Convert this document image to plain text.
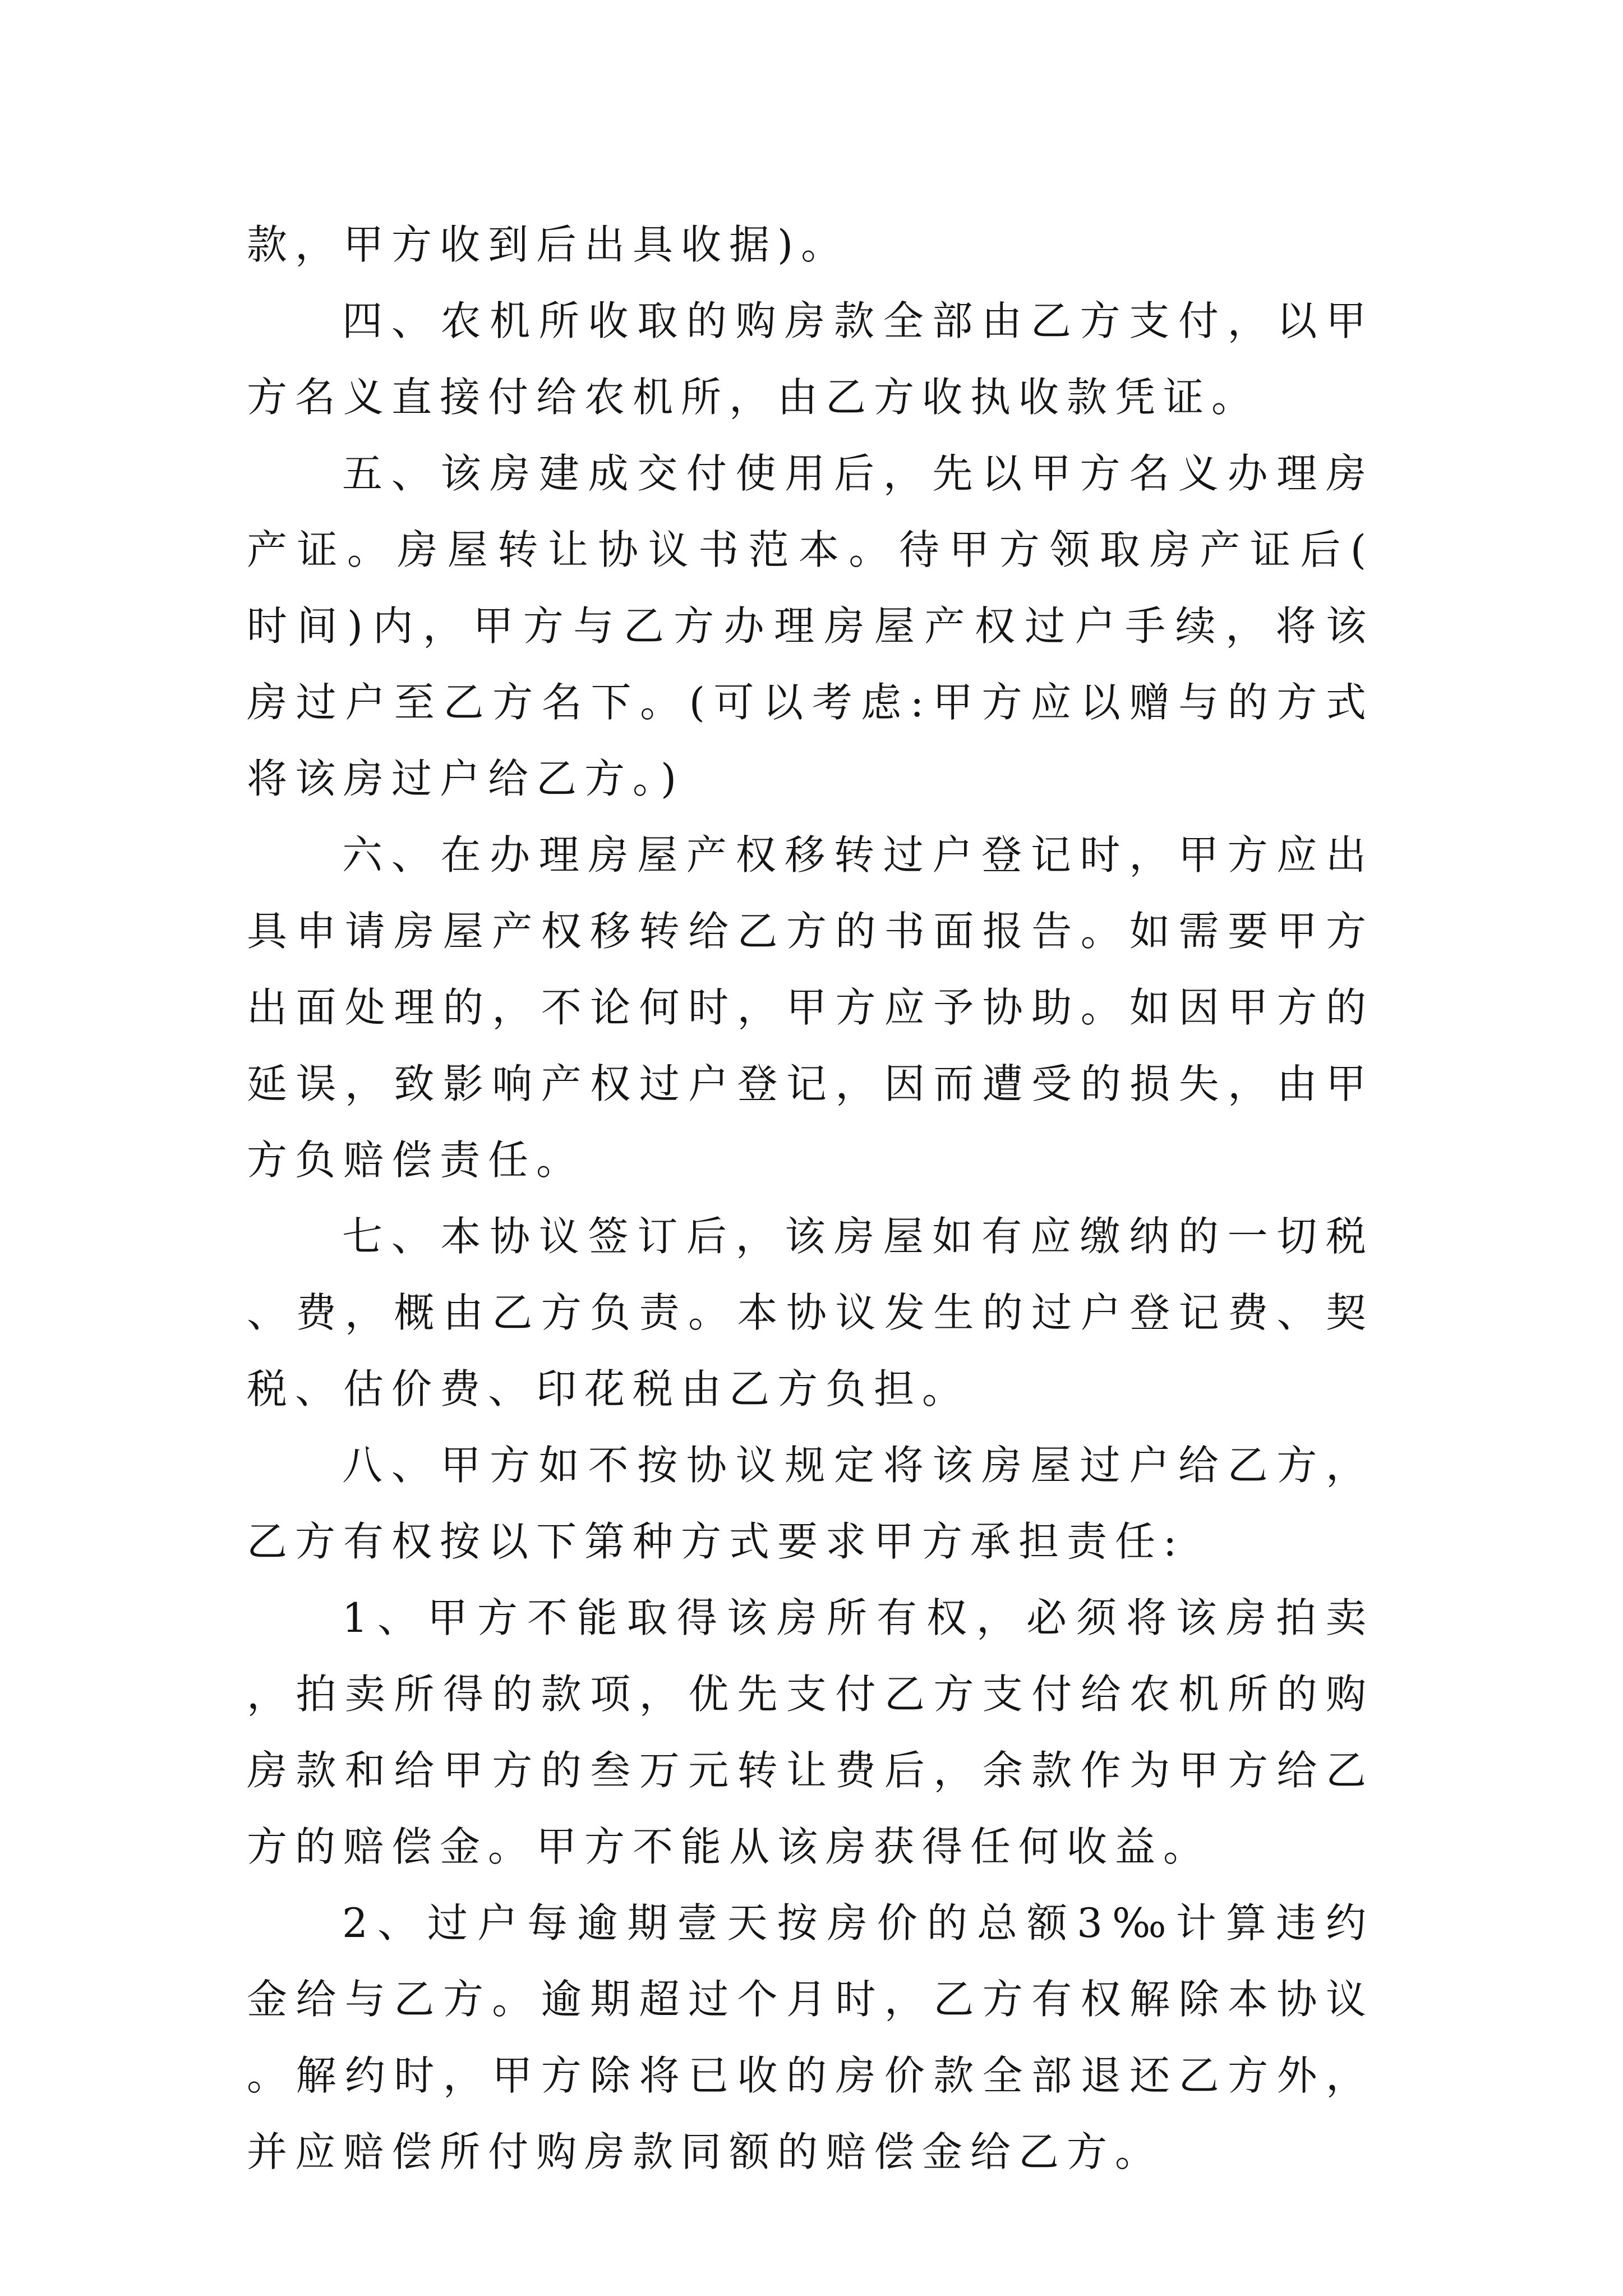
款，甲方收到后出具收据)。

四、农机所收取的购房款全部由乙方支付，以甲方名义直接付给农机所，由乙方收执收款凭证。

五、该房建成交付使用后，先以甲方名义办理房产证。房屋转让协议书范本。待甲方领取房产证后(时间)内，甲方与乙方办理房屋产权过户手续，将该房过户至乙方名下。(可以考虑:甲方应以赠与的方式将该房过户给乙方。)

六、在办理房屋产权移转过户登记时，甲方应出具申请房屋产权移转给乙方的书面报告。如需要甲方出面处理的，不论何时，甲方应予协助。如因甲方的延误，致影响产权过户登记，因而遭受的损失，由甲方负赔偿责任。

七、本协议签订后，该房屋如有应缴纳的一切税、费，概由乙方负责。本协议发生的过户登记费、契税、估价费、印花税由乙方负担。

八、甲方如不按协议规定将该房屋过户给乙方，乙方有权按以下第种方式要求甲方承担责任:

1、甲方不能取得该房所有权，必须将该房拍卖，拍卖所得的款项，优先支付乙方支付给农机所的购房款和给甲方的叁万元转让费后，余款作为甲方给乙方的赔偿金。甲方不能从该房获得任何收益。

2、过户每逾期壹天按房价的总额3‰计算违约金给与乙方。逾期超过个月时，乙方有权解除本协议。解约时，甲方除将已收的房价款全部退还乙方外，并应赔偿所付购房款同额的赔偿金给乙方。
